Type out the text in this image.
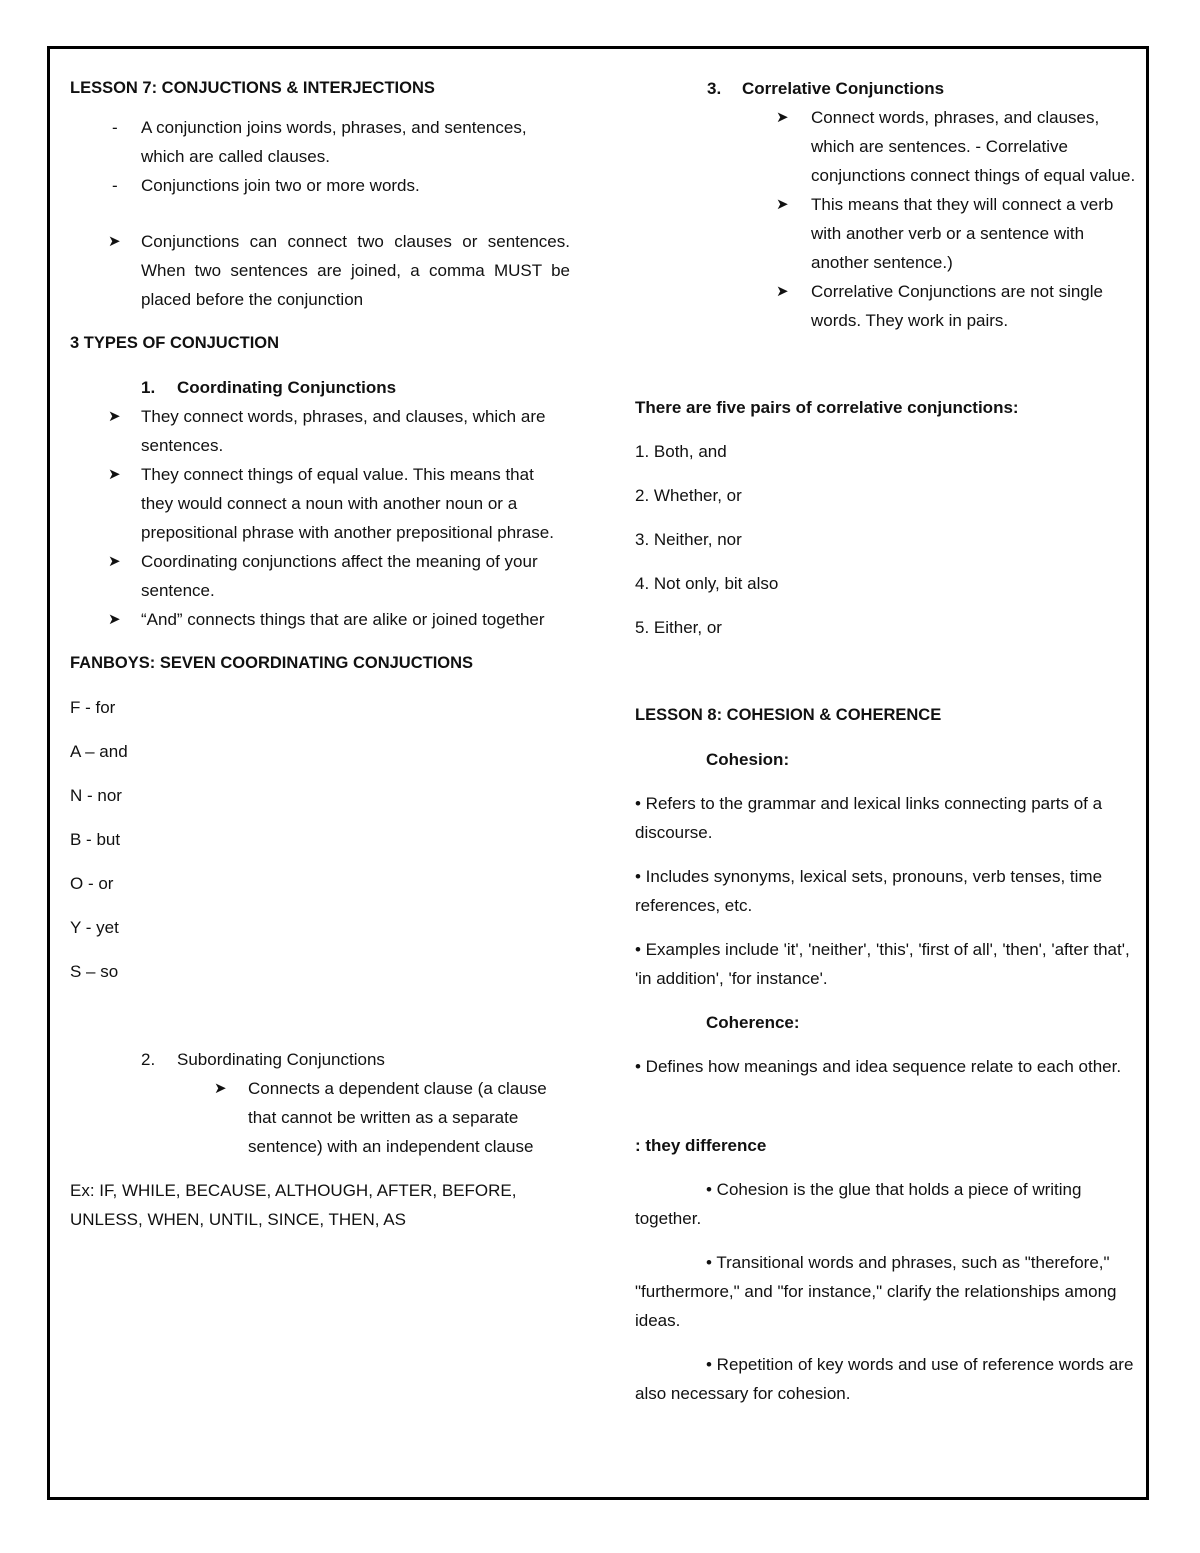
LESSON 7: CONJUCTIONS & INTERJECTIONS

- A conjunction joins words, phrases, and sentences, which are called clauses.
- Conjunctions join two or more words.
➤ Conjunctions can connect two clauses or sentences. When two sentences are joined, a comma MUST be placed before the conjunction

3 TYPES OF CONJUCTION

1. Coordinating Conjunctions

➤ They connect words, phrases, and clauses, which are sentences.
➤ They connect things of equal value. This means that they would connect a noun with another noun or a prepositional phrase with another prepositional phrase.
➤ Coordinating conjunctions affect the meaning of your sentence.
➤ “And” connects things that are alike or joined together

FANBOYS: SEVEN COORDINATING CONJUCTIONS

F - for

A – and

N - nor

B - but

O - or

Y - yet

S – so

2. Subordinating Conjunctions

➤ Connects a dependent clause (a clause that cannot be written as a separate sentence) with an independent clause

Ex: IF, WHILE, BECAUSE, ALTHOUGH, AFTER, BEFORE, UNLESS, WHEN, UNTIL, SINCE, THEN, AS

3. Correlative Conjunctions

➤ Connect words, phrases, and clauses, which are sentences. - Correlative conjunctions connect things of equal value.
➤ This means that they will connect a verb with another verb or a sentence with another sentence.)
➤ Correlative Conjunctions are not single words. They work in pairs.

There are five pairs of correlative conjunctions:

1. Both, and

2. Whether, or

3. Neither, nor

4. Not only, bit also

5. Either, or

LESSON 8: COHESION & COHERENCE

Cohesion:

• Refers to the grammar and lexical links connecting parts of a discourse.

• Includes synonyms, lexical sets, pronouns, verb tenses, time references, etc.

• Examples include 'it', 'neither', 'this', 'first of all', 'then', 'after that', 'in addition', 'for instance'.

Coherence:

• Defines how meanings and idea sequence relate to each other.

: they difference

• Cohesion is the glue that holds a piece of writing together.

• Transitional words and phrases, such as "therefore," "furthermore," and "for instance," clarify the relationships among ideas.

• Repetition of key words and use of reference words are also necessary for cohesion.
